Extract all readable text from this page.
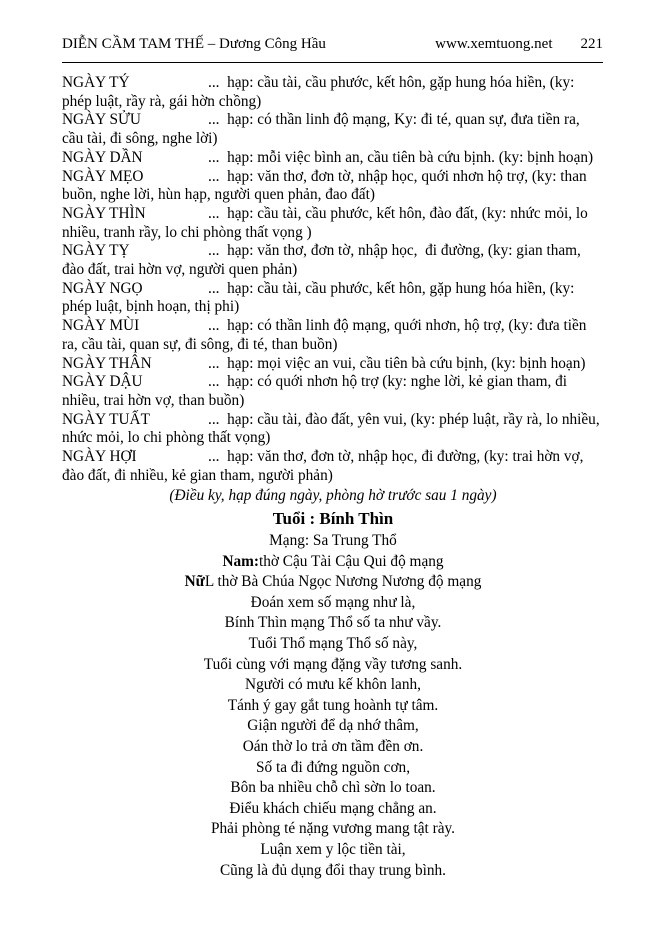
DIỄN CẦM TAM THẾ – Dương Công Hầu	www.xemtuong.net 221

NGÀY TÝ	...  hạp: cầu tài, cầu phước, kết hôn, gặp hung hóa hiền, (ky: phép luật, rầy rà, gái hờn chồng)

NGÀY SỬU	...  hạp: có thần linh độ mạng, Ky: đi té, quan sự, đưa tiền ra, cầu tài, đi sông, nghe lời)

NGÀY DẦN	...  hạp: mỗi việc bình an, cầu tiên bà cứu bịnh. (ky: bịnh hoạn)

NGÀY MẸO	...  hạp: văn thơ, đơn tờ, nhập học, quới nhơn hộ trợ, (ky: than buồn, nghe lời, hùn hạp, người quen phản, đao đất)

NGÀY THÌN	...  hạp: cầu tài, cầu phước, kết hôn, đào đất, (ky: nhức mỏi, lo nhiều, tranh rầy, lo chi phòng thất vọng )

NGÀY TỴ	...  hạp: văn thơ, đơn tờ, nhập học,  đi đường, (ky: gian tham, đào đất, trai hờn vợ, người quen phản)

NGÀY NGỌ	...  hạp: cầu tài, cầu phước, kết hôn, gặp hung hóa hiền, (ky: phép luật, bịnh hoạn, thị phi)

NGÀY MÙI	...  hạp: có thần linh độ mạng, quới nhơn, hộ trợ, (ky: đưa tiền ra, cầu tài, quan sự, đi sông, đi té, than buồn)

NGÀY THÂN	...  hạp: mọi việc an vui, cầu tiên bà cứu bịnh, (ky: bịnh hoạn)

NGÀY DẬU	...  hạp: có quới nhơn hộ trợ (ky: nghe lời, kẻ gian tham, đi nhiều, trai hờn vợ, than buồn)

NGÀY TUẤT	...  hạp: cầu tài, đào đất, yên vui, (ky: phép luật, rầy rà, lo nhiều, nhức mỏi, lo chi phòng thất vọng)

NGÀY HỢI	...  hạp: văn thơ, đơn tờ, nhập học, đi đường, (ky: trai hờn vợ, đào đất, đi nhiều, kẻ gian tham, người phản)

(Điều ky, hạp đúng ngày, phòng hờ trước sau 1 ngày)
Tuổi : Bính Thìn
Mạng: Sa Trung Thổ
Nam:thờ Cậu Tài Cậu Qui độ mạng
NữL thờ Bà Chúa Ngọc Nương Nương độ mạng
Đoán xem số mạng như là,
Bính Thìn mạng Thổ số ta như vầy.
Tuổi Thổ mạng Thổ số này,
Tuổi cùng với mạng đặng vầy tương sanh.
Người có mưu kế khôn lanh,
Tánh ý gay gắt tung hoành tự tâm.
Giận người để dạ nhớ thâm,
Oán thờ lo trả ơn tầm đền ơn.
Số ta đi đứng nguồn cơn,
Bôn ba nhiều chỗ chì sờn lo toan.
Điểu khách chiếu mạng chẳng an.
Phải phòng té nặng vương mang tật rày.
Luận xem y lộc tiền tài,
Cũng là đủ dụng đổi thay trung bình.
